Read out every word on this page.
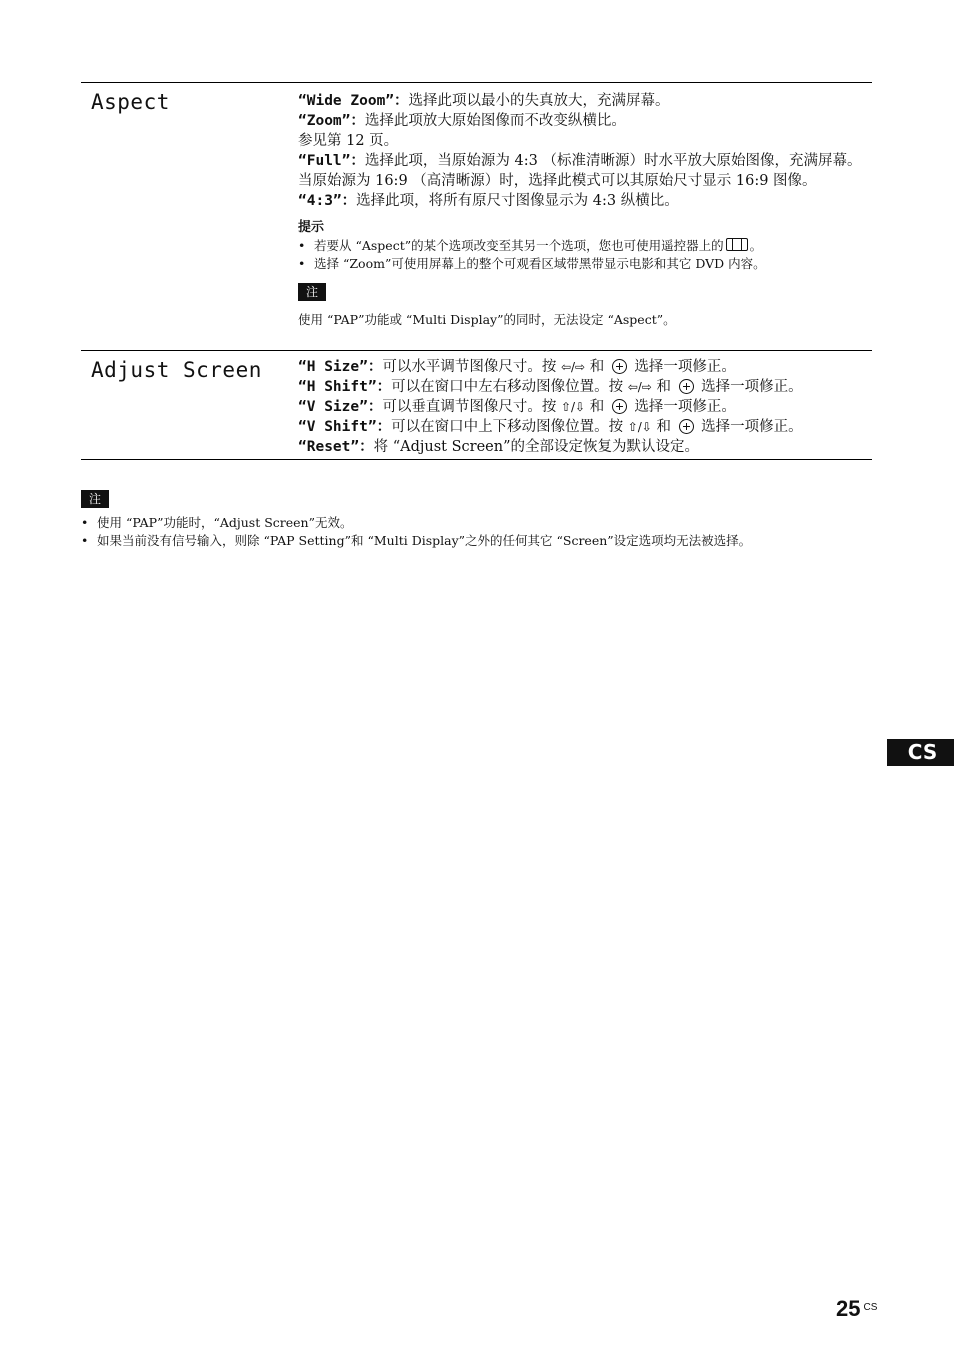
Aspect	“Wide Zoom”：选择此项以最小的失真放大，充满屏幕。
“Zoom”：选择此项放大原始图像而不改变纵横比。
参见第 12 页。
“Full”：选择此项，当原始源为 4:3 （标准清晰源）时水平放大原始图像，充满屏幕。当原始源为 16:9 （高清晰源）时，选择此模式可以其原始尺寸显示 16:9 图像。
“4:3”：选择此项，将所有原尺寸图像显示为 4:3 纵横比。
提示
• 若要从 “Aspect”的某个选项改变至其另一个选项，您也可使用遥控器上的 。
• 选择 “Zoom”可使用屏幕上的整个可观看区域带黑带显示电影和其它 DVD 内容。
注
使用 “PAP”功能或 “Multi Display”的同时，无法设定 “Aspect”。
Adjust Screen “H Size”：可以水平调节图像尺寸。按 ⇦/⇨ 和  选择一项修正。
“H Shift”：可以在窗口中左右移动图像位置。按 ⇦/⇨ 和  选择一项修正。
“V Size”：可以垂直调节图像尺寸。按 ⇧/⇩ 和  选择一项修正。
“V Shift”：可以在窗口中上下移动图像位置。按 ⇧/⇩ 和  选择一项修正。
“Reset”：将 “Adjust Screen”的全部设定恢复为默认设定。
注
• 使用 “PAP”功能时，“Adjust Screen”无效。
• 如果当前没有信号输入，则除 “PAP Setting”和 “Multi Display”之外的任何其它 “Screen”设定选项均无法被选择。
CS
25 $^{CS}$
